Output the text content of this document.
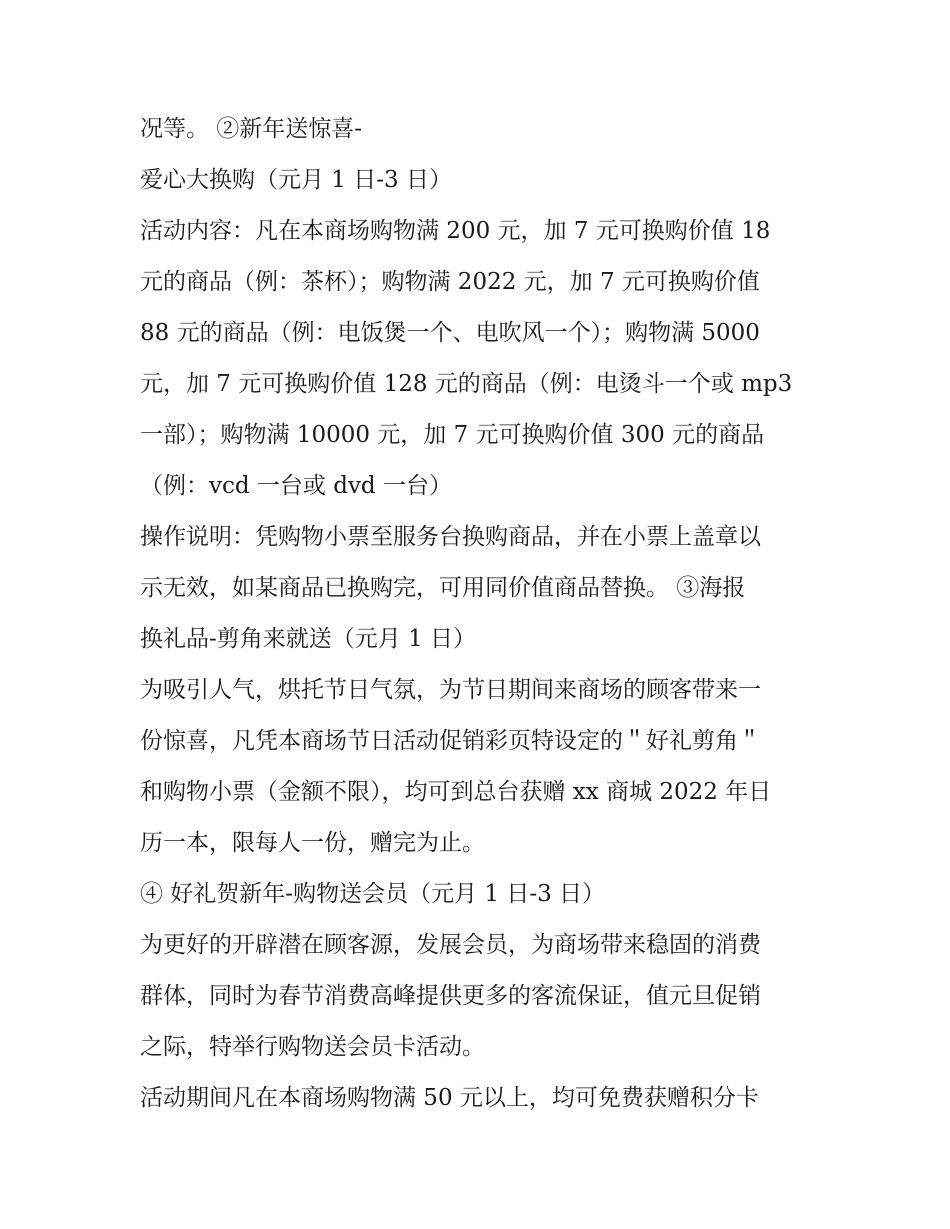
况等。 ②新年送惊喜-
爱心大换购（元月 1 日-3 日）
活动内容：凡在本商场购物满 200 元，加 7 元可换购价值 18
元的商品（例：茶杯）；购物满 2022 元，加 7 元可换购价值
88 元的商品（例：电饭煲一个、电吹风一个）；购物满 5000
元，加 7 元可换购价值 128 元的商品（例：电烫斗一个或 mp3
一部）；购物满 10000 元，加 7 元可换购价值 300 元的商品
（例：vcd 一台或 dvd 一台）
操作说明：凭购物小票至服务台换购商品，并在小票上盖章以
示无效，如某商品已换购完，可用同价值商品替换。 ③海报
换礼品-剪角来就送（元月 1 日）
为吸引人气，烘托节日气氛，为节日期间来商场的顾客带来一
份惊喜，凡凭本商场节日活动促销彩页特设定的＂好礼剪角＂
和购物小票（金额不限），均可到总台获赠 xx 商城 2022 年日
历一本，限每人一份，赠完为止。
④ 好礼贺新年-购物送会员（元月 1 日-3 日）
为更好的开辟潜在顾客源，发展会员，为商场带来稳固的消费
群体，同时为春节消费高峰提供更多的客流保证，值元旦促销
之际，特举行购物送会员卡活动。
活动期间凡在本商场购物满 50 元以上，均可免费获赠积分卡
